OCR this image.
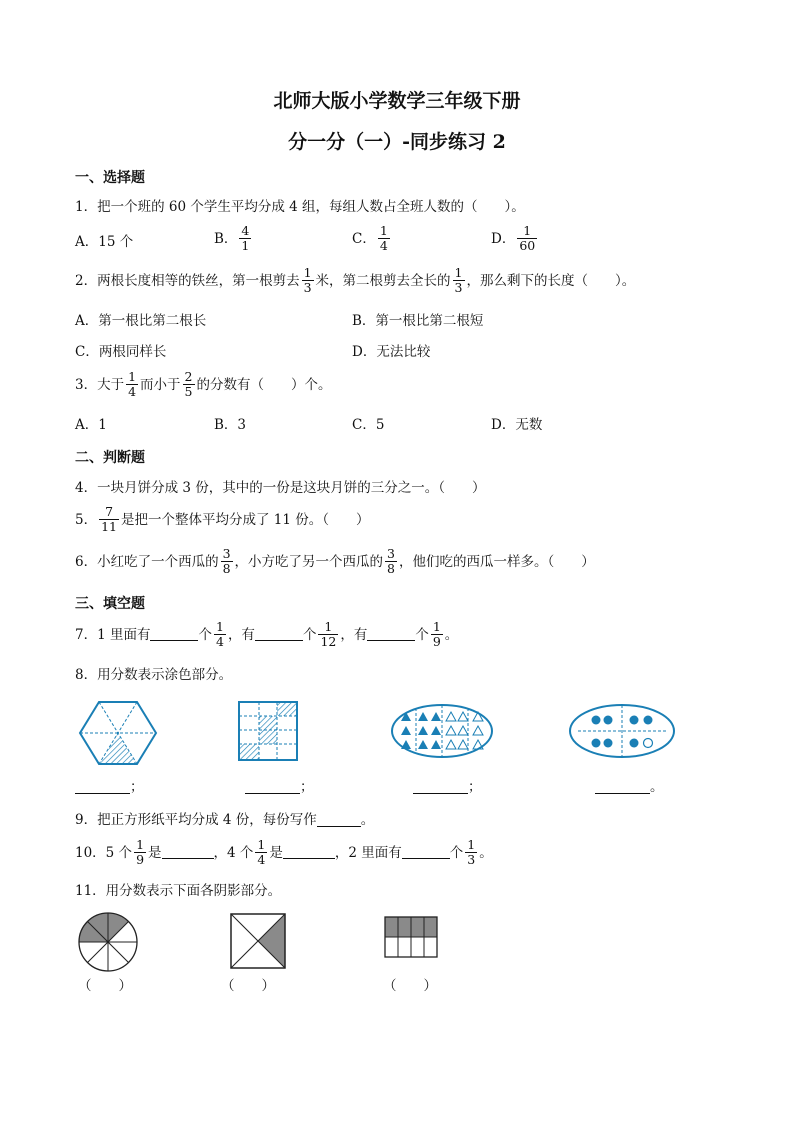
北师大版小学数学三年级下册
分一分（一）-同步练习 2
一、选择题
1．把一个班的 60 个学生平均分成 4 组，每组人数占全班人数的（　　）。
A．15 个	B． $\frac{4}{1}$	C． $\frac{1}{4}$	D． $\frac{1}{60}$
2．两根长度相等的铁丝，第一根剪去 $\frac{1}{3}$ 米，第二根剪去全长的 $\frac{1}{3}$ ，那么剩下的长度（　　）。
A．第一根比第二根长	B．第一根比第二根短
C．两根同样长	D．无法比较
3．大于 $\frac{1}{4}$ 而小于 $\frac{2}{5}$ 的分数有（　　）个。
A．1	B．3	C．5	D．无数
二、判断题
4．一块月饼分成 3 份，其中的一份是这块月饼的三分之一。（　　）
5． $\frac{7}{11}$ 是把一个整体平均分成了 11 份。（　　）
6．小红吃了一个西瓜的 $\frac{3}{8}$ ，小方吃了另一个西瓜的 $\frac{3}{8}$ ，他们吃的西瓜一样多。（　　）
三、填空题
7．1 里面有	个 $\frac{1}{4}$ ，有	个 $\frac{1}{12}$ ，有	个 $\frac{1}{9}$ 。
8．用分数表示涂色部分。
；	；	；	。
9．把正方形纸平均分成 4 份，每份写作	。
10．5 个 $\frac{1}{9}$ 是	，4 个 $\frac{1}{4}$ 是	，2 里面有	个 $\frac{1}{3}$ 。
11．用分数表示下面各阴影部分。
（　　）	（　　）	（　　）
